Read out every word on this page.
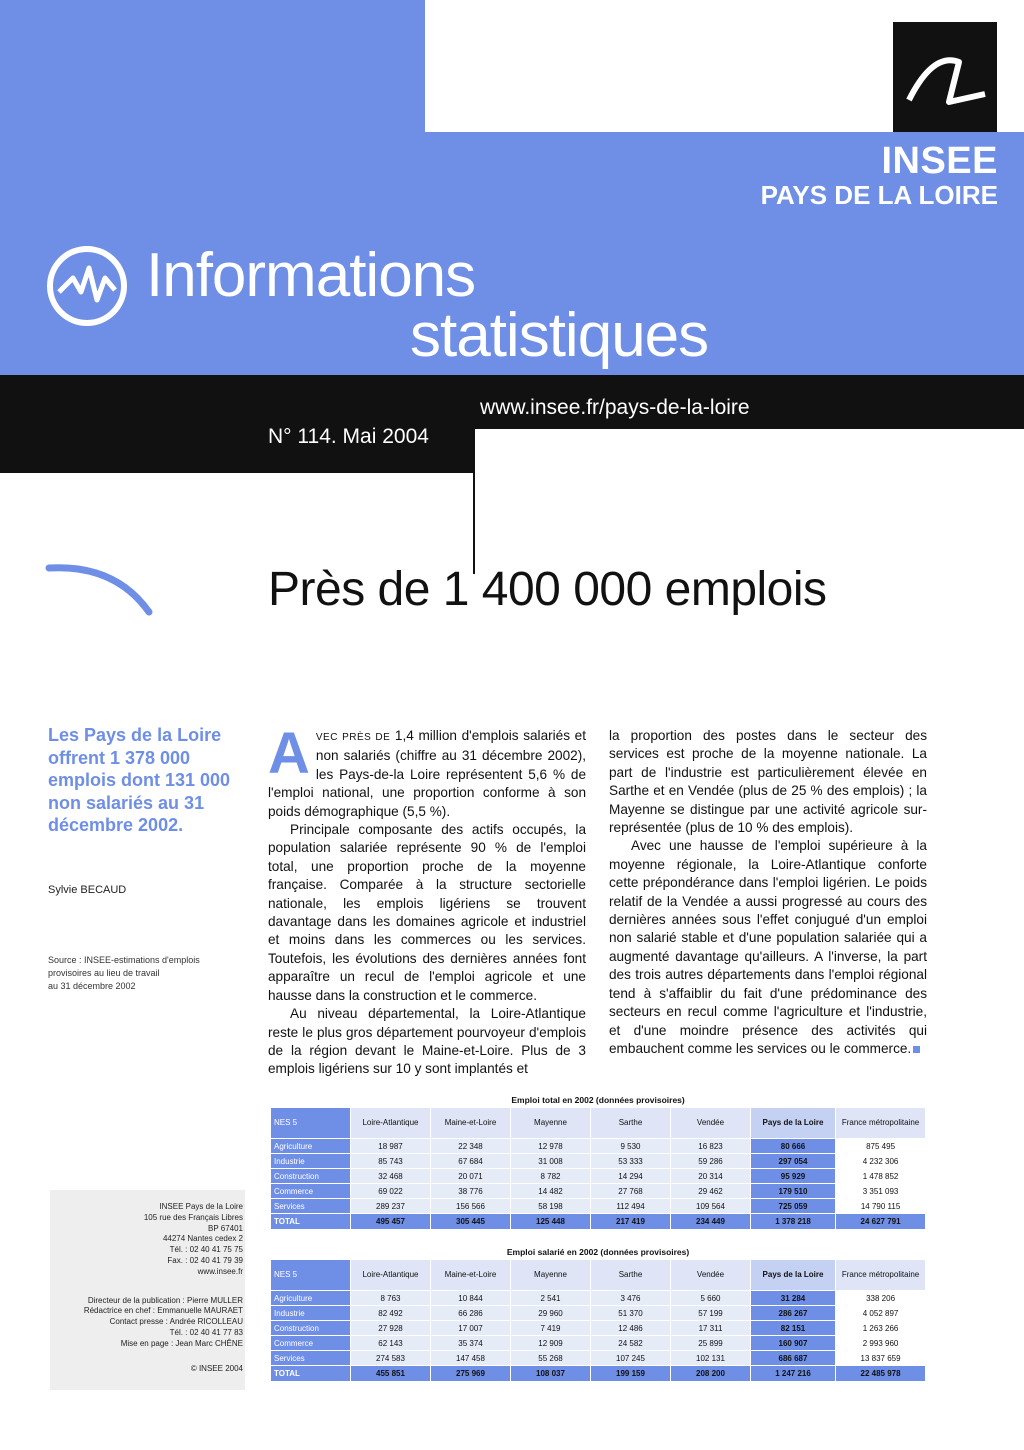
INSEE
PAYS DE LA LOIRE
Informations
statistiques
www.insee.fr/pays-de-la-loire
N° 114. Mai 2004
Près de 1 400 000 emplois
Les Pays de la Loire offrent 1 378 000 emplois dont 131 000 non salariés au 31 décembre 2002.
Sylvie BECAUD
Source : INSEE-estimations d'emplois
provisoires au lieu de travail
au 31 décembre 2002
INSEE Pays de la Loire
105 rue des Français Libres
BP 67401
44274 Nantes cedex 2
Tél. : 02 40 41 75 75
Fax. : 02 40 41 79 39
www.insee.fr
Directeur de la publication : Pierre MULLER
Rédactrice en chef : Emmanuelle MAURAET
Contact presse : Andrée RICOLLEAU
Tél. : 02 40 41 77 83
Mise en page : Jean Marc CHÊNE
© INSEE 2004

AVEC PRÈS DE 1,4 million d'emplois salariés et non salariés (chiffre au 31 décembre 2002), les Pays-de-la Loire représentent 5,6 % de l'emploi national, une proportion conforme à son poids démographique (5,5 %).

Principale composante des actifs occupés, la population salariée représente 90 % de l'emploi total, une proportion proche de la moyenne française. Comparée à la structure sectorielle nationale, les emplois ligériens se trouvent davantage dans les domaines agricole et industriel et moins dans les commerces ou les services. Toutefois, les évolutions des dernières années font apparaître un recul de l'emploi agricole et une hausse dans la construction et le commerce.

Au niveau départemental, la Loire-Atlantique reste le plus gros département pourvoyeur d'emplois de la région devant le Maine-et-Loire. Plus de 3 emplois ligériens sur 10 y sont implantés et

la proportion des postes dans le secteur des services est proche de la moyenne nationale. La part de l'industrie est particulièrement élevée en Sarthe et en Vendée (plus de 25 % des emplois) ; la Mayenne se distingue par une activité agricole sur-représentée (plus de 10 % des emplois).

Avec une hausse de l'emploi supérieure à la moyenne régionale, la Loire-Atlantique conforte cette prépondérance dans l'emploi ligérien. Le poids relatif de la Vendée a aussi progressé au cours des dernières années sous l'effet conjugué d'un emploi non salarié stable et d'une population salariée qui a augmenté davantage qu'ailleurs. A l'inverse, la part des trois autres départements dans l'emploi régional tend à s'affaiblir du fait d'une prédominance des secteurs en recul comme l'agriculture et l'industrie, et d'une moindre présence des activités qui embauchent comme les services ou le commerce.

Emploi total en 2002 (données provisoires)							
NES 5	Loire-Atlantique	Maine-et-Loire	Mayenne	Sarthe	Vendée	Pays de la Loire	France métropolitaine
Agriculture	18 987	22 348	12 978	9 530	16 823	80 666	875 495
Industrie	85 743	67 684	31 008	53 333	59 286	297 054	4 232 306
Construction	32 468	20 071	8 782	14 294	20 314	95 929	1 478 852
Commerce	69 022	38 776	14 482	27 768	29 462	179 510	3 351 093
Services	289 237	156 566	58 198	112 494	109 564	725 059	14 790 115
TOTAL	495 457	305 445	125 448	217 419	234 449	1 378 218	24 627 791
Emploi salarié en 2002 (données provisoires)							
NES 5	Loire-Atlantique	Maine-et-Loire	Mayenne	Sarthe	Vendée	Pays de la Loire	France métropolitaine
Agriculture	8 763	10 844	2 541	3 476	5 660	31 284	338 206
Industrie	82 492	66 286	29 960	51 370	57 199	286 267	4 052 897
Construction	27 928	17 007	7 419	12 486	17 311	82 151	1 263 266
Commerce	62 143	35 374	12 909	24 582	25 899	160 907	2 993 960
Services	274 583	147 458	55 268	107 245	102 131	686 687	13 837 659
TOTAL	455 851	275 969	108 037	199 159	208 200	1 247 216	22 485 978
